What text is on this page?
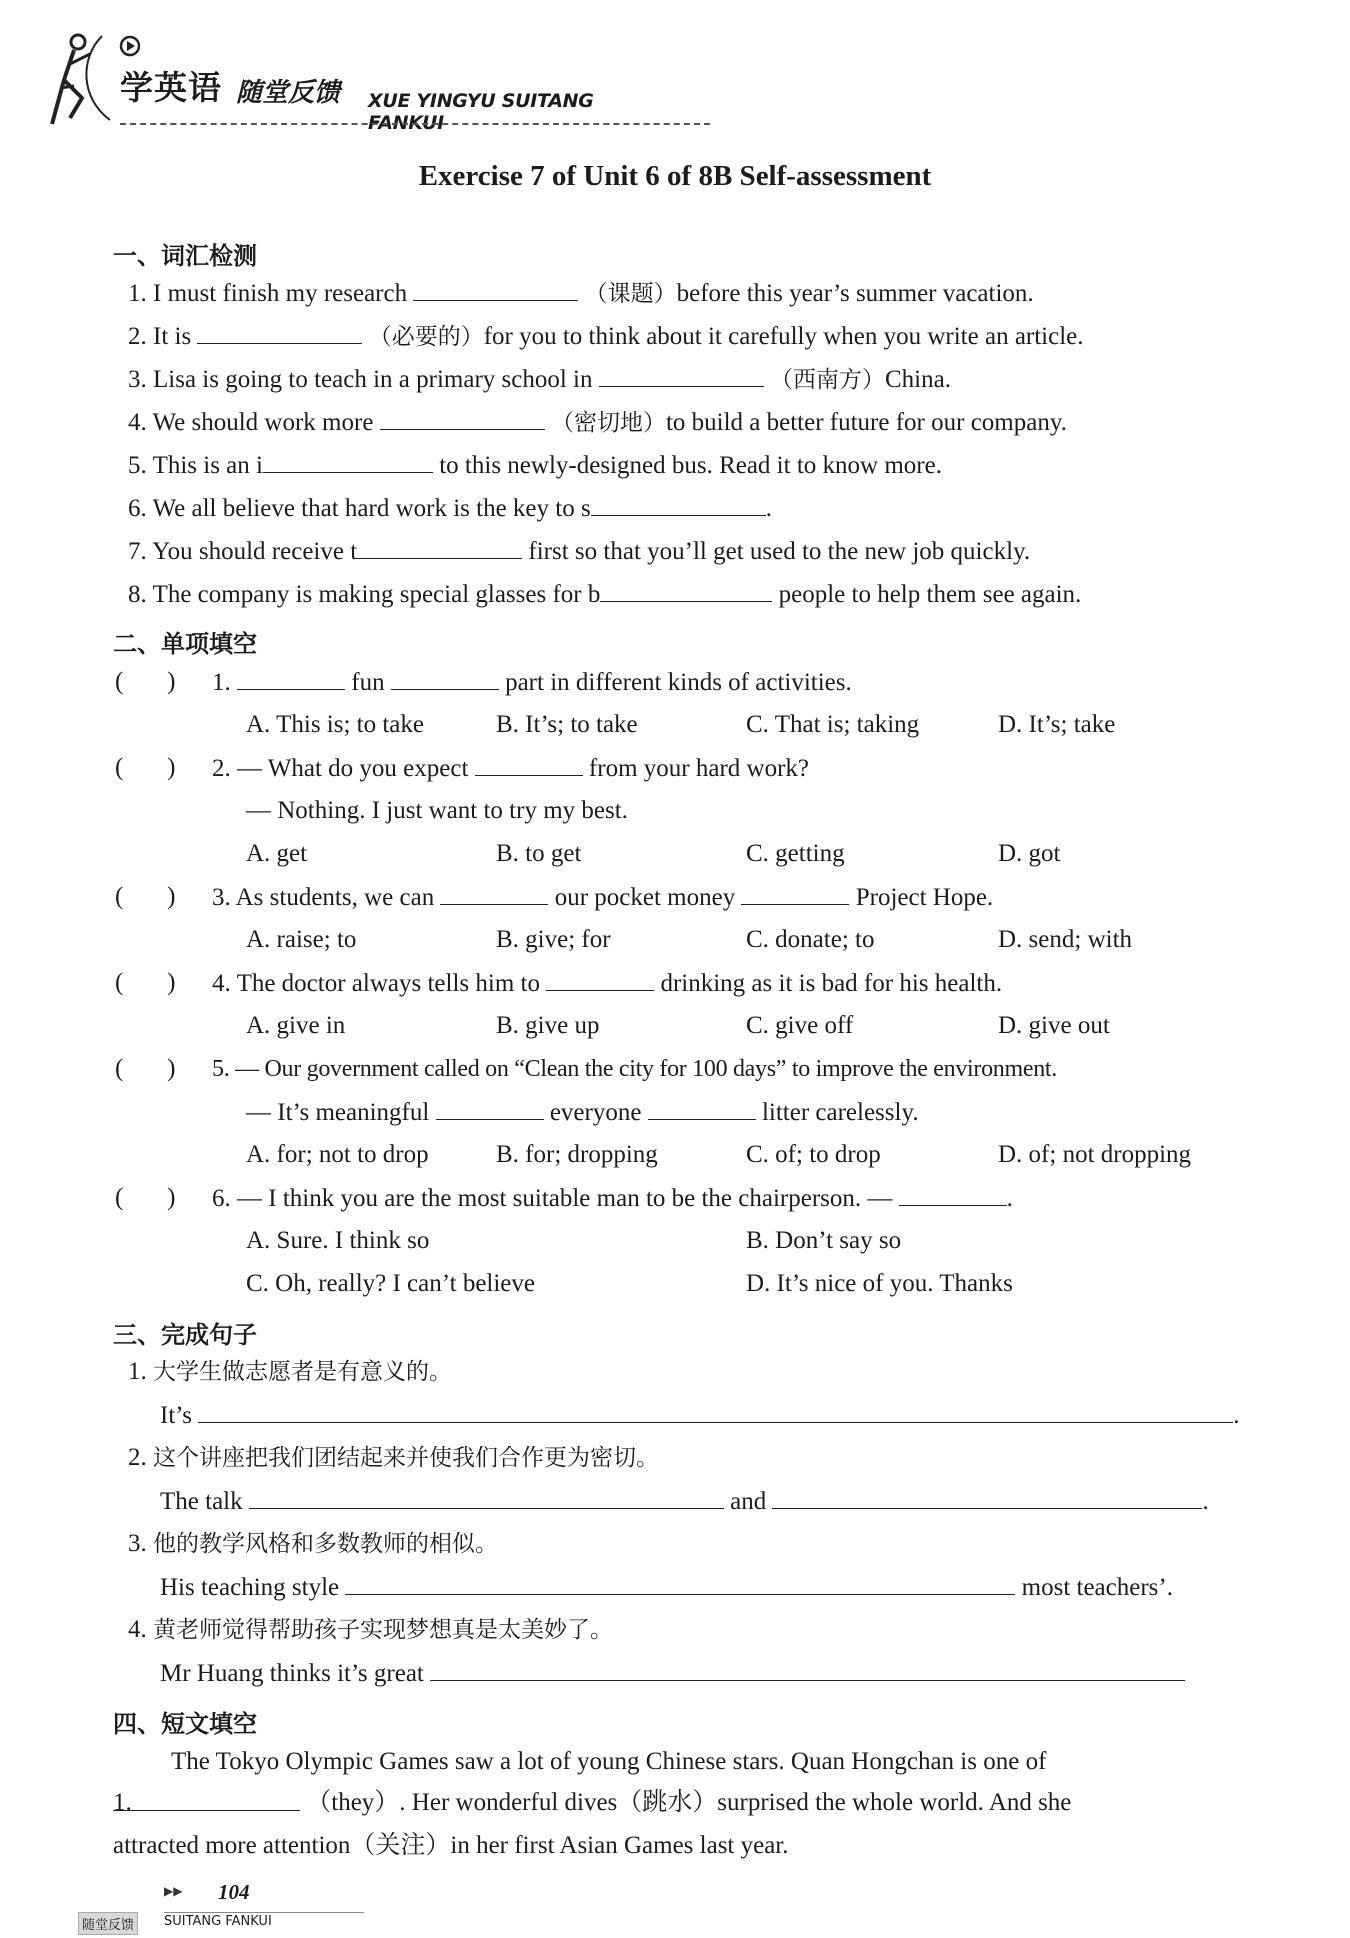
学英语 随堂反馈 XUE YINGYU SUITANG FANKUI
Exercise 7 of Unit 6 of 8B Self-assessment
一、词汇检测
1. I must finish my research	（课题）before this year’s summer vacation.
2. It is	（必要的）for you to think about it carefully when you write an article.
3. Lisa is going to teach in a primary school in	（西南方）China.
4. We should work more	（密切地）to build a better future for our company.
5. This is an i	to this newly-designed bus. Read it to know more.
6. We all believe that hard work is the key to s	.
7. You should receive t	first so that you’ll get used to the new job quickly.
8. The company is making special glasses for b	people to help them see again.
二、单项填空
(       ) 1.	fun	part in different kinds of activities.
A. This is; to take	B. It’s; to take	C. That is; taking	D. It’s; take
(       ) 2. — What do you expect	from your hard work?
— Nothing. I just want to try my best.
A. get	B. to get	C. getting	D. got
(       ) 3. As students, we can	our pocket money	Project Hope.
A. raise; to	B. give; for	C. donate; to	D. send; with
(       ) 4. The doctor always tells him to	drinking as it is bad for his health.
A. give in	B. give up	C. give off	D. give out
(       ) 5. — Our government called on “Clean the city for 100 days” to improve the environment.
— It’s meaningful	everyone	litter carelessly.
A. for; not to drop	B. for; dropping	C. of; to drop	D. of; not dropping
(       ) 6. — I think you are the most suitable man to be the chairperson. —	.
A. Sure. I think so	B. Don’t say so
C. Oh, really? I can’t believe	D. It’s nice of you. Thanks
三、完成句子
1. 大学生做志愿者是有意义的。
It’s	.
2. 这个讲座把我们团结起来并使我们合作更为密切。
The talk	and	.
3. 他的教学风格和多数教师的相似。
His teaching style	most teachers’.
4. 黄老师觉得帮助孩子实现梦想真是太美妙了。
Mr Huang thinks it’s great
四、短文填空
The Tokyo Olympic Games saw a lot of young Chinese stars. Quan Hongchan is one of
1.	（they）. Her wonderful dives（跳水）surprised the whole world. And she
attracted more attention（关注）in her first Asian Games last year.
▶▶ 104
随堂反馈	SUITANG FANKUI
